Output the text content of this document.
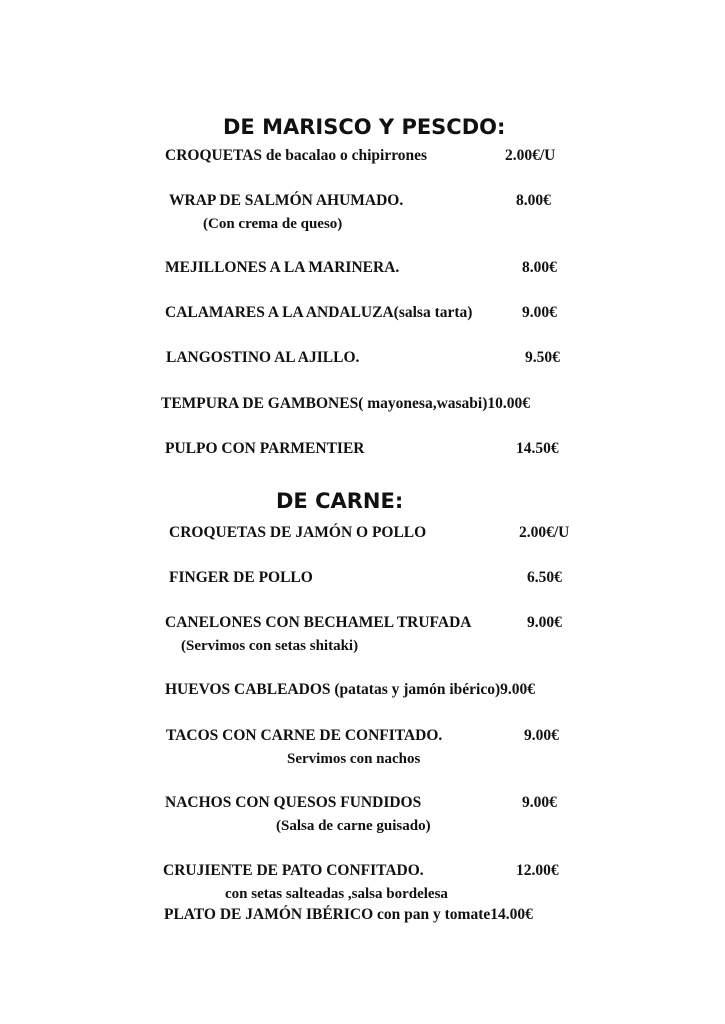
DE MARISCO Y PESCDO:
CROQUETAS de bacalao o chipirrones	2.00€/U
WRAP DE SALMÓN AHUMADO.	8.00€
(Con crema de queso)
MEJILLONES A LA MARINERA.	8.00€
CALAMARES A LA ANDALUZA(salsa tarta)	9.00€
LANGOSTINO AL AJILLO.	9.50€
TEMPURA DE GAMBONES( mayonesa,wasabi)10.00€
PULPO CON PARMENTIER	14.50€
DE CARNE:
CROQUETAS DE JAMÓN O POLLO	2.00€/U
FINGER DE POLLO	6.50€
CANELONES CON BECHAMEL TRUFADA	9.00€
(Servimos con setas shitaki)
HUEVOS CABLEADOS (patatas y jamón ibérico)9.00€
TACOS CON CARNE DE CONFITADO.	9.00€
Servimos con nachos
NACHOS CON QUESOS FUNDIDOS	9.00€
(Salsa de carne guisado)
CRUJIENTE DE PATO CONFITADO.	12.00€
con setas salteadas ,salsa bordelesa
PLATO DE JAMÓN IBÉRICO con pan y tomate14.00€
